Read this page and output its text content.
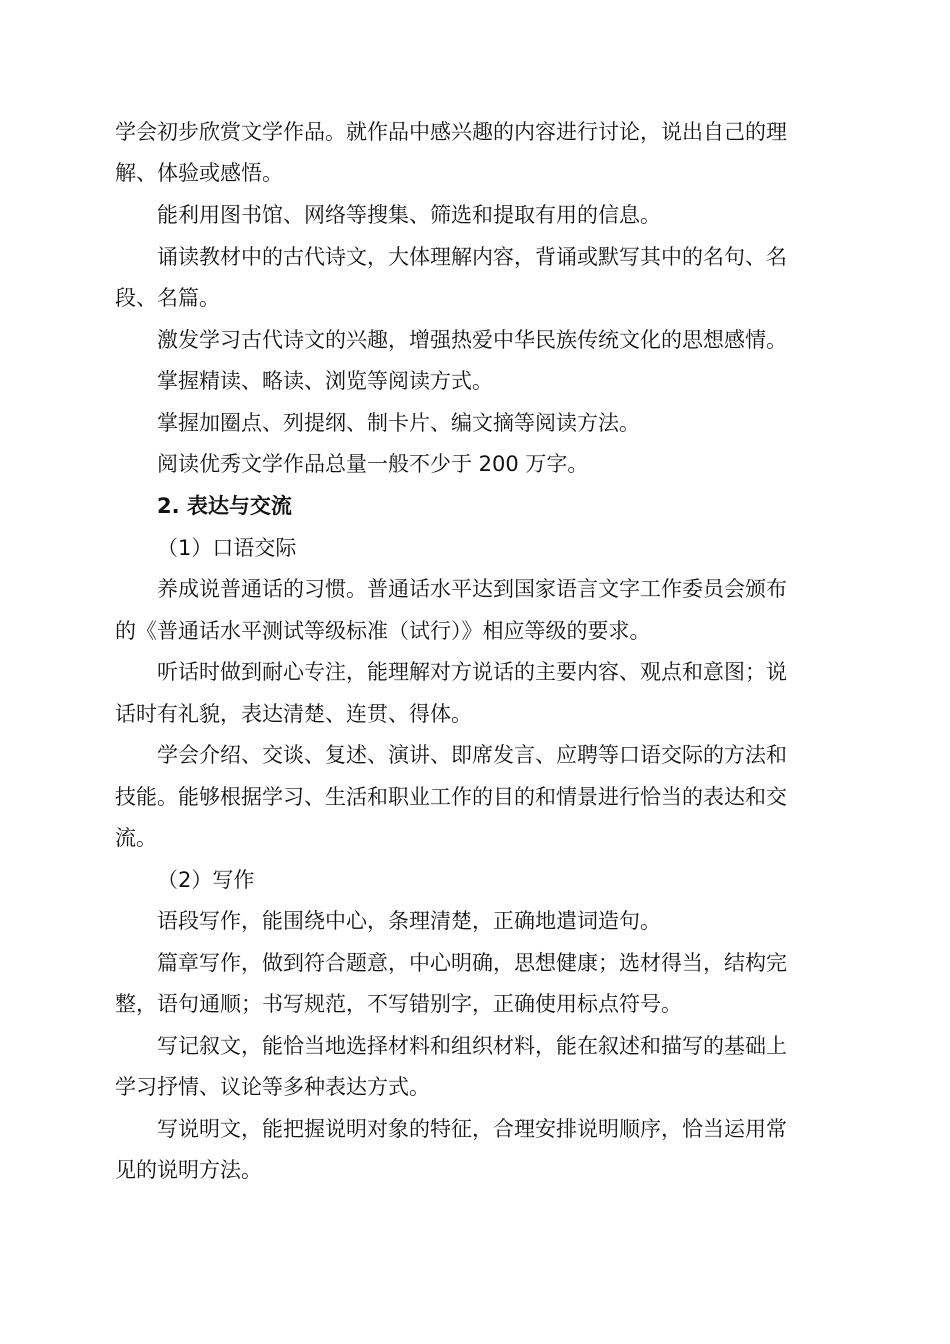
学会初步欣赏文学作品。就作品中感兴趣的内容进行讨论，说出自己的理
解、体验或感悟。
能利用图书馆、网络等搜集、筛选和提取有用的信息。
诵读教材中的古代诗文，大体理解内容，背诵或默写其中的名句、名
段、名篇。
激发学习古代诗文的兴趣，增强热爱中华民族传统文化的思想感情。
掌握精读、略读、浏览等阅读方式。
掌握加圈点、列提纲、制卡片、编文摘等阅读方法。
阅读优秀文学作品总量一般不少于 200 万字。
2. 表达与交流
（1）口语交际
养成说普通话的习惯。普通话水平达到国家语言文字工作委员会颁布
的《普通话水平测试等级标准（试行）》相应等级的要求。
听话时做到耐心专注，能理解对方说话的主要内容、观点和意图；说
话时有礼貌，表达清楚、连贯、得体。
学会介绍、交谈、复述、演讲、即席发言、应聘等口语交际的方法和
技能。能够根据学习、生活和职业工作的目的和情景进行恰当的表达和交
流。
（2）写作
语段写作，能围绕中心，条理清楚，正确地遣词造句。
篇章写作，做到符合题意，中心明确，思想健康；选材得当，结构完
整，语句通顺；书写规范，不写错别字，正确使用标点符号。
写记叙文，能恰当地选择材料和组织材料，能在叙述和描写的基础上
学习抒情、议论等多种表达方式。
写说明文，能把握说明对象的特征，合理安排说明顺序，恰当运用常
见的说明方法。
